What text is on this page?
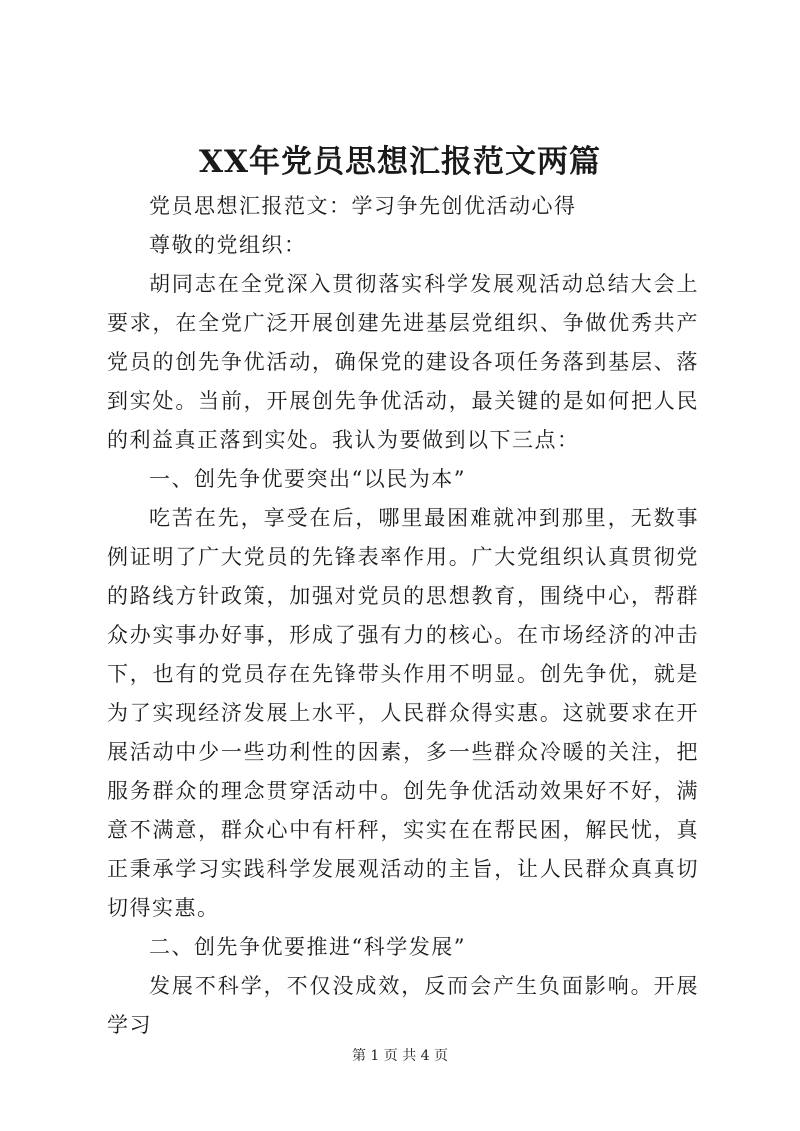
XX年党员思想汇报范文两篇

党员思想汇报范文：学习争先创优活动心得

尊敬的党组织：

胡同志在全党深入贯彻落实科学发展观活动总结大会上要求，在全党广泛开展创建先进基层党组织、争做优秀共产党员的创先争优活动，确保党的建设各项任务落到基层、落到实处。当前，开展创先争优活动，最关键的是如何把人民的利益真正落到实处。我认为要做到以下三点：

一、创先争优要突出“以民为本”

吃苦在先，享受在后，哪里最困难就冲到那里，无数事例证明了广大党员的先锋表率作用。广大党组织认真贯彻党的路线方针政策，加强对党员的思想教育，围绕中心，帮群众办实事办好事，形成了强有力的核心。在市场经济的冲击下，也有的党员存在先锋带头作用不明显。创先争优，就是为了实现经济发展上水平，人民群众得实惠。这就要求在开展活动中少一些功利性的因素，多一些群众冷暖的关注，把服务群众的理念贯穿活动中。创先争优活动效果好不好，满意不满意，群众心中有杆秤，实实在在帮民困，解民忧，真正秉承学习实践科学发展观活动的主旨，让人民群众真真切切得实惠。

二、创先争优要推进“科学发展”

发展不科学，不仅没成效，反而会产生负面影响。开展学习

第 1 页 共 4 页
